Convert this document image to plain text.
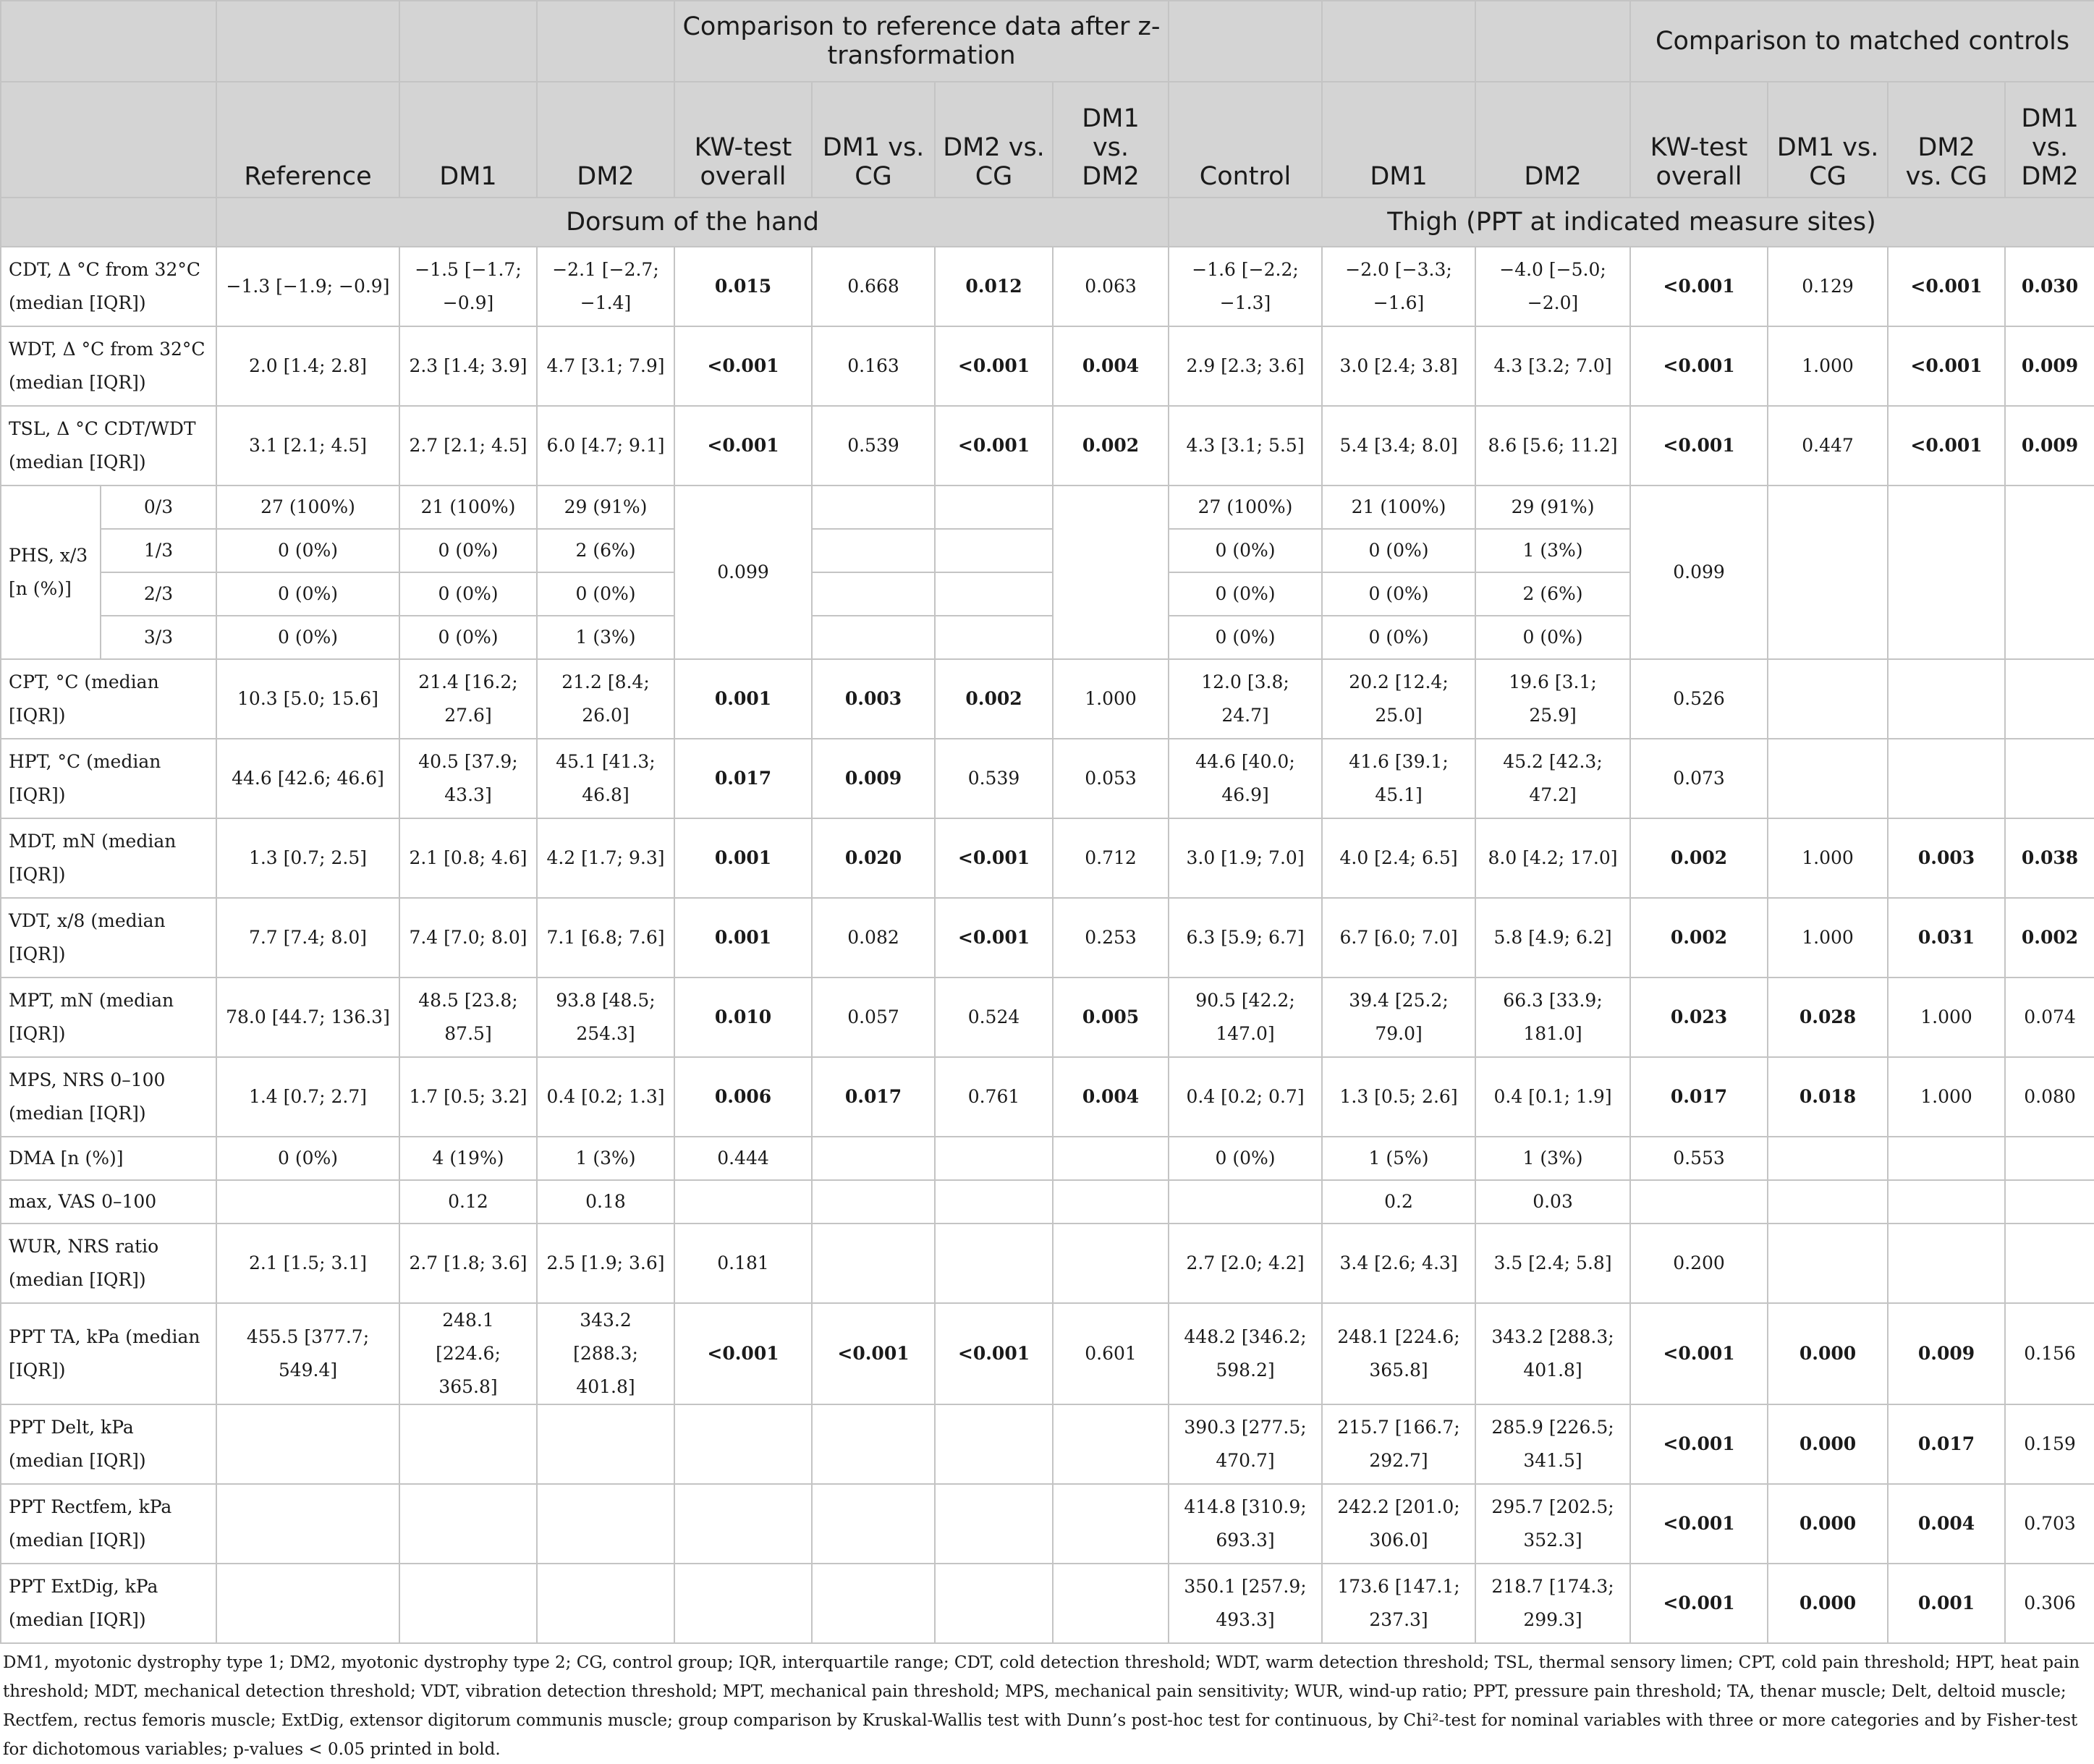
					Comparison to reference data after z-transformation							Comparison to matched controls			
		Reference	DM1	DM2	KW-test overall	DM1 vs. CG	DM2 vs. CG	DM1 vs. DM2	Control	DM1	DM2	KW-test overall	DM1 vs. CG	DM2 vs. CG	DM1 vs. DM2
		Dorsum of the hand							Thigh (PPT at indicated measure sites)						
CDT, Δ °C from 32°C (median [IQR])		−1.3 [−1.9; −0.9]	−1.5 [−1.7; −0.9]	−2.1 [−2.7; −1.4]	0.015	0.668	0.012	0.063	−1.6 [−2.2; −1.3]	−2.0 [−3.3; −1.6]	−4.0 [−5.0; −2.0]	<0.001	0.129	<0.001	0.030
WDT, Δ °C from 32°C (median [IQR])		2.0 [1.4; 2.8]	2.3 [1.4; 3.9]	4.7 [3.1; 7.9]	<0.001	0.163	<0.001	0.004	2.9 [2.3; 3.6]	3.0 [2.4; 3.8]	4.3 [3.2; 7.0]	<0.001	1.000	<0.001	0.009
TSL, Δ °C CDT/WDT (median [IQR])		3.1 [2.1; 4.5]	2.7 [2.1; 4.5]	6.0 [4.7; 9.1]	<0.001	0.539	<0.001	0.002	4.3 [3.1; 5.5]	5.4 [3.4; 8.0]	8.6 [5.6; 11.2]	<0.001	0.447	<0.001	0.009
PHS, x/3 [n (%)]	0/3	27 (100%)	21 (100%)	29 (91%)	0.099				27 (100%)	21 (100%)	29 (91%)	0.099			
	1/3	0 (0%)	0 (0%)	2 (6%)					0 (0%)	0 (0%)	1 (3%)				
	2/3	0 (0%)	0 (0%)	0 (0%)					0 (0%)	0 (0%)	2 (6%)				
	3/3	0 (0%)	0 (0%)	1 (3%)					0 (0%)	0 (0%)	0 (0%)				
CPT, °C (median [IQR])		10.3 [5.0; 15.6]	21.4 [16.2; 27.6]	21.2 [8.4; 26.0]	0.001	0.003	0.002	1.000	12.0 [3.8; 24.7]	20.2 [12.4; 25.0]	19.6 [3.1; 25.9]	0.526			
HPT, °C (median [IQR])		44.6 [42.6; 46.6]	40.5 [37.9; 43.3]	45.1 [41.3; 46.8]	0.017	0.009	0.539	0.053	44.6 [40.0; 46.9]	41.6 [39.1; 45.1]	45.2 [42.3; 47.2]	0.073			
MDT, mN (median [IQR])		1.3 [0.7; 2.5]	2.1 [0.8; 4.6]	4.2 [1.7; 9.3]	0.001	0.020	<0.001	0.712	3.0 [1.9; 7.0]	4.0 [2.4; 6.5]	8.0 [4.2; 17.0]	0.002	1.000	0.003	0.038
VDT, x/8 (median [IQR])		7.7 [7.4; 8.0]	7.4 [7.0; 8.0]	7.1 [6.8; 7.6]	0.001	0.082	<0.001	0.253	6.3 [5.9; 6.7]	6.7 [6.0; 7.0]	5.8 [4.9; 6.2]	0.002	1.000	0.031	0.002
MPT, mN (median [IQR])		78.0 [44.7; 136.3]	48.5 [23.8; 87.5]	93.8 [48.5; 254.3]	0.010	0.057	0.524	0.005	90.5 [42.2; 147.0]	39.4 [25.2; 79.0]	66.3 [33.9; 181.0]	0.023	0.028	1.000	0.074
MPS, NRS 0–100 (median [IQR])		1.4 [0.7; 2.7]	1.7 [0.5; 3.2]	0.4 [0.2; 1.3]	0.006	0.017	0.761	0.004	0.4 [0.2; 0.7]	1.3 [0.5; 2.6]	0.4 [0.1; 1.9]	0.017	0.018	1.000	0.080
DMA [n (%)]		0 (0%)	4 (19%)	1 (3%)	0.444				0 (0%)	1 (5%)	1 (3%)	0.553			
max, VAS 0–100			0.12	0.18						0.2	0.03				
WUR, NRS ratio (median [IQR])		2.1 [1.5; 3.1]	2.7 [1.8; 3.6]	2.5 [1.9; 3.6]	0.181				2.7 [2.0; 4.2]	3.4 [2.6; 4.3]	3.5 [2.4; 5.8]	0.200			
PPT TA, kPa (median [IQR])		455.5 [377.7; 549.4]	248.1 [224.6; 365.8]	343.2 [288.3; 401.8]	<0.001	<0.001	<0.001	0.601	448.2 [346.2; 598.2]	248.1 [224.6; 365.8]	343.2 [288.3; 401.8]	<0.001	0.000	0.009	0.156
PPT Delt, kPa (median [IQR])									390.3 [277.5; 470.7]	215.7 [166.7; 292.7]	285.9 [226.5; 341.5]	<0.001	0.000	0.017	0.159
PPT Rectfem, kPa (median [IQR])									414.8 [310.9; 693.3]	242.2 [201.0; 306.0]	295.7 [202.5; 352.3]	<0.001	0.000	0.004	0.703
PPT ExtDig, kPa (median [IQR])									350.1 [257.9; 493.3]	173.6 [147.1; 237.3]	218.7 [174.3; 299.3]	<0.001	0.000	0.001	0.306
DM1, myotonic dystrophy type 1; DM2, myotonic dystrophy type 2; CG, control group; IQR, interquartile range; CDT, cold detection threshold; WDT, warm detection threshold; TSL, thermal sensory limen; CPT, cold pain threshold; HPT, heat pain threshold; MDT, mechanical detection threshold; VDT, vibration detection threshold; MPT, mechanical pain threshold; MPS, mechanical pain sensitivity; WUR, wind-up ratio; PPT, pressure pain threshold; TA, thenar muscle; Delt, deltoid muscle; Rectfem, rectus femoris muscle; ExtDig, extensor digitorum communis muscle; group comparison by Kruskal-Wallis test with Dunn’s post-hoc test for continuous, by Chi²-test for nominal variables with three or more categories and by Fisher-test for dichotomous variables; p-values < 0.05 printed in bold.
